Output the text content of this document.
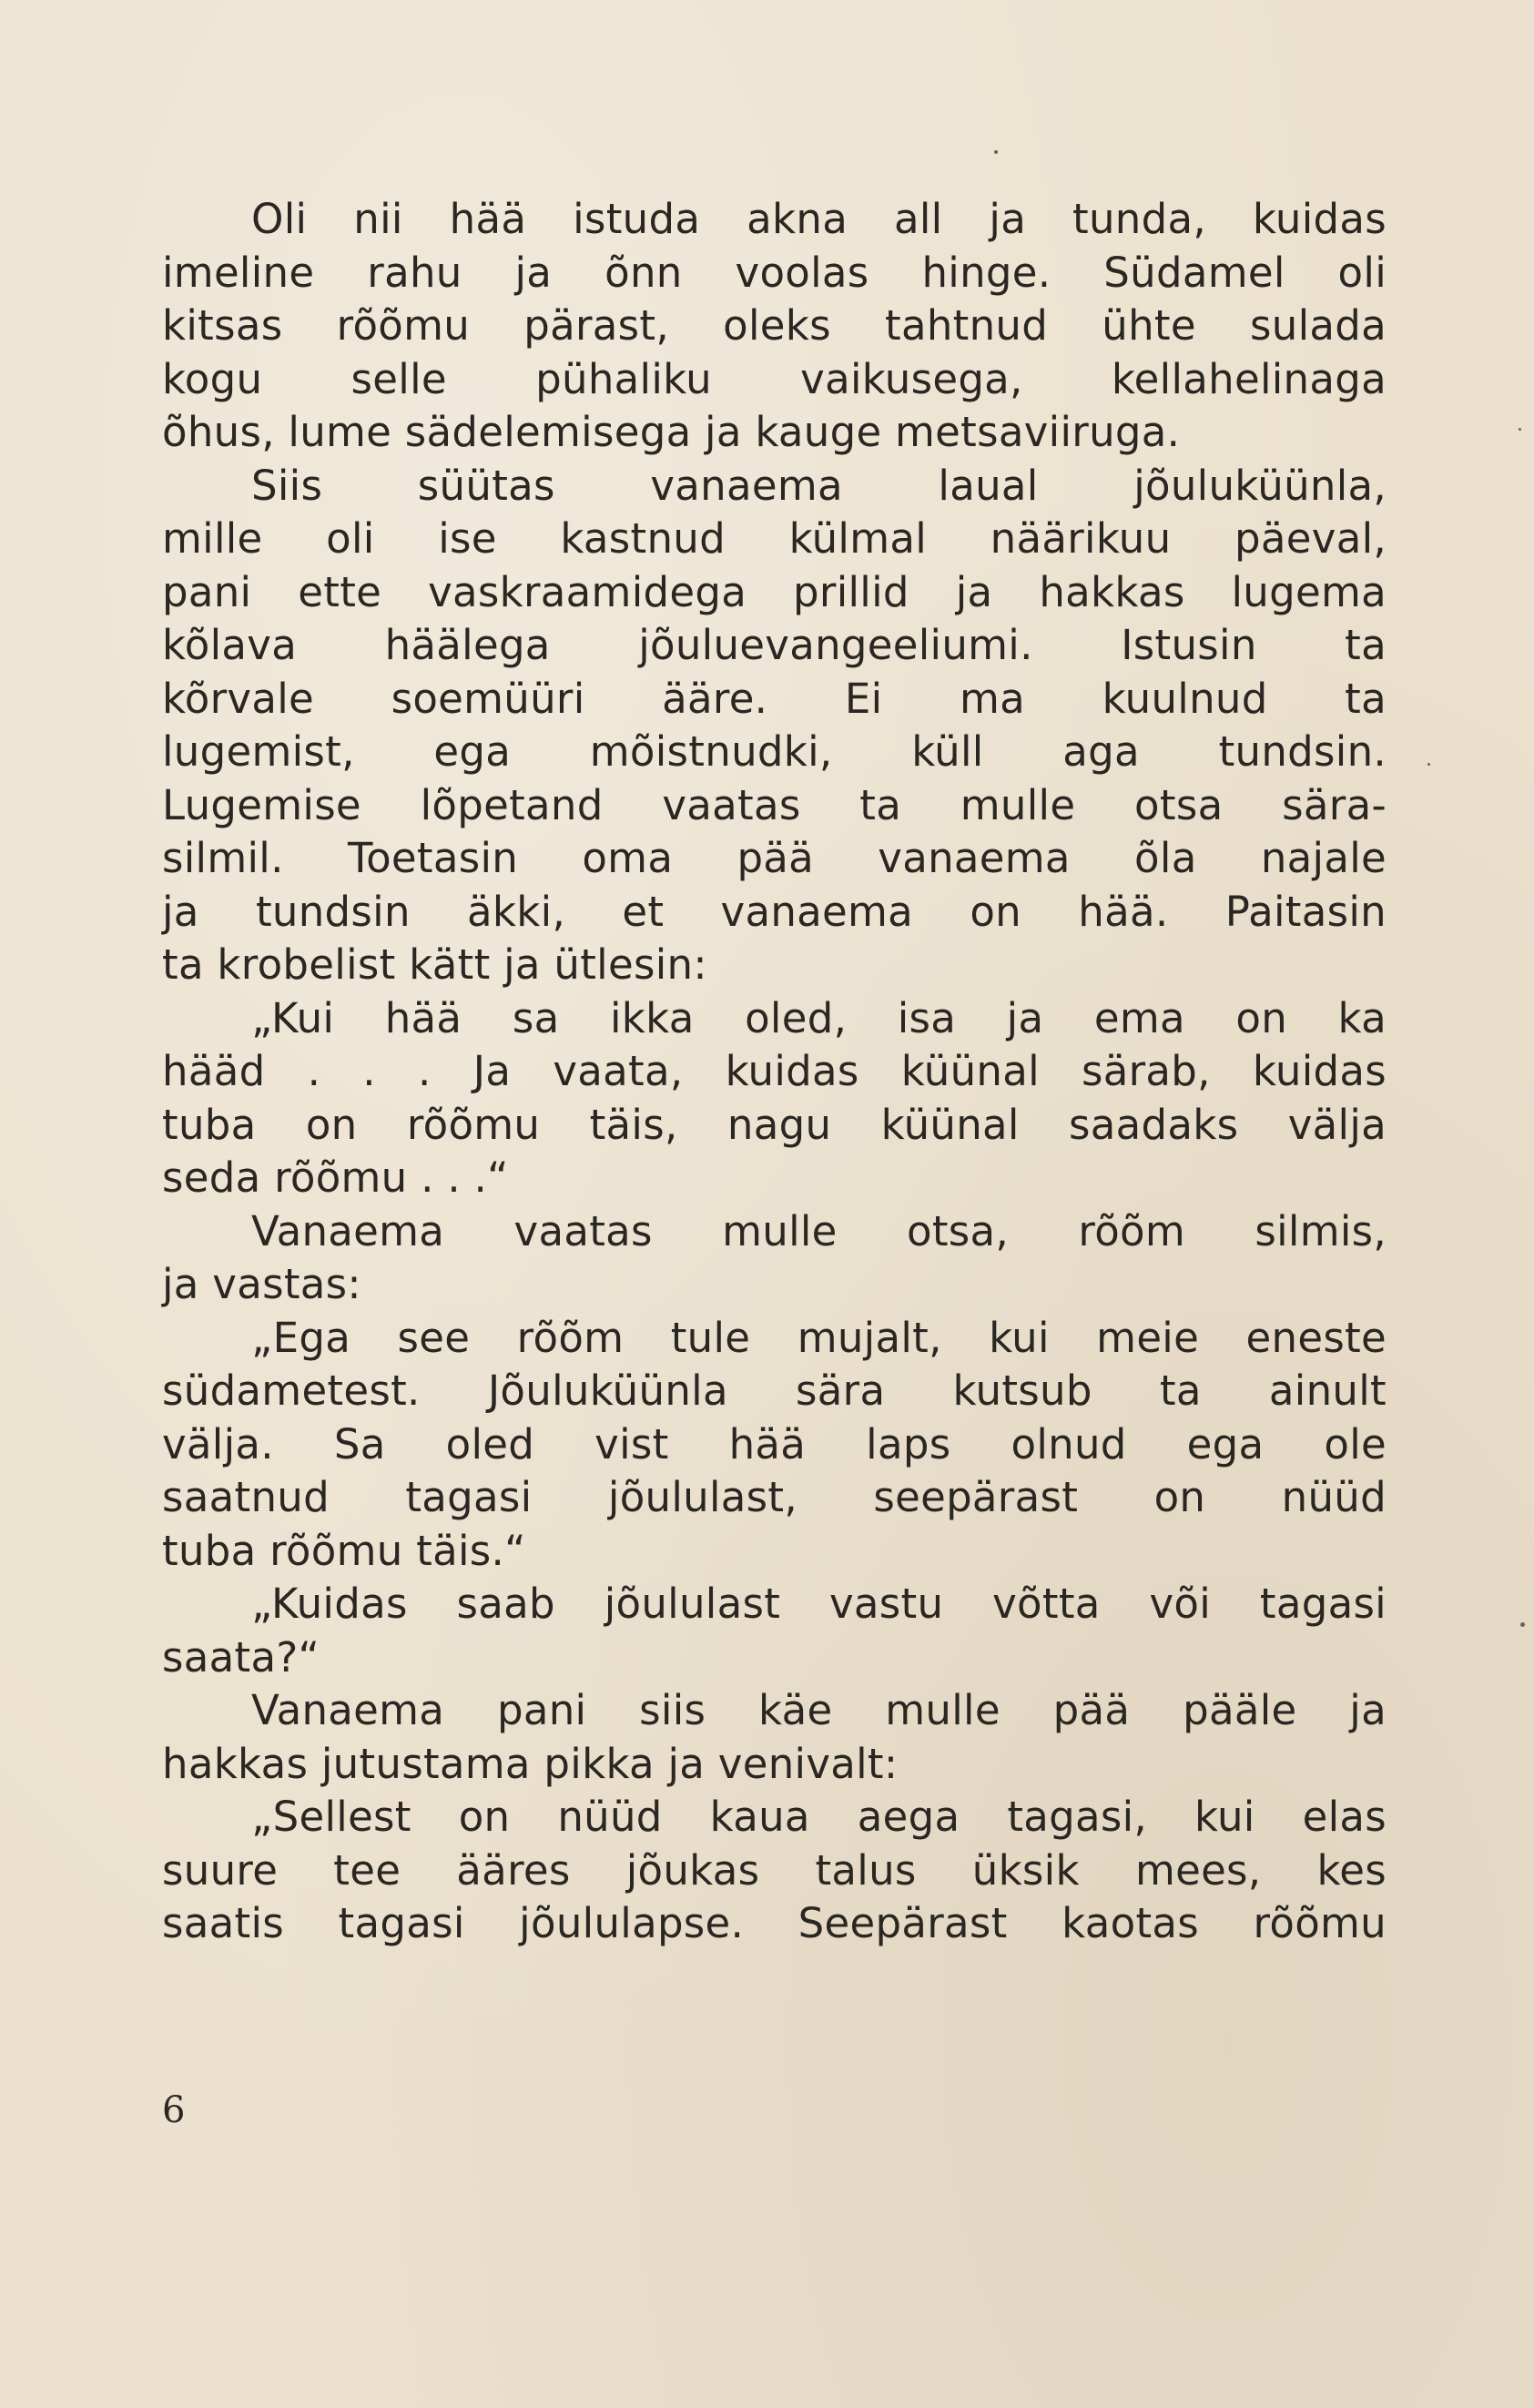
Oli nii hää istuda akna all ja tunda, kuidas
imeline rahu ja õnn voolas hinge. Südamel oli
kitsas rõõmu pärast, oleks tahtnud ühte sulada
kogu selle pühaliku vaikusega, kellahelinaga
õhus, lume sädelemisega ja kauge metsaviiruga.
Siis süütas vanaema laual jõuluküünla,
mille oli ise kastnud külmal näärikuu päeval,
pani ette vaskraamidega prillid ja hakkas lugema
kõlava häälega jõuluevangeeliumi. Istusin ta
kõrvale soemüüri ääre. Ei ma kuulnud ta
lugemist, ega mõistnudki, küll aga tundsin.
Lugemise lõpetand vaatas ta mulle otsa sära-
silmil. Toetasin oma pää vanaema õla najale
ja tundsin äkki, et vanaema on hää. Paitasin
ta krobelist kätt ja ütlesin:
„Kui hää sa ikka oled, isa ja ema on ka
hääd . . . Ja vaata, kuidas küünal särab, kuidas
tuba on rõõmu täis, nagu küünal saadaks välja
seda rõõmu . . .“
Vanaema vaatas mulle otsa, rõõm silmis,
ja vastas:
„Ega see rõõm tule mujalt, kui meie eneste
südametest. Jõuluküünla sära kutsub ta ainult
välja. Sa oled vist hää laps olnud ega ole
saatnud tagasi jõululast, seepärast on nüüd
tuba rõõmu täis.“
„Kuidas saab jõululast vastu võtta või tagasi
saata?“
Vanaema pani siis käe mulle pää pääle ja
hakkas jutustama pikka ja venivalt:
„Sellest on nüüd kaua aega tagasi, kui elas
suure tee ääres jõukas talus üksik mees, kes
saatis tagasi jõululapse. Seepärast kaotas rõõmu
6
